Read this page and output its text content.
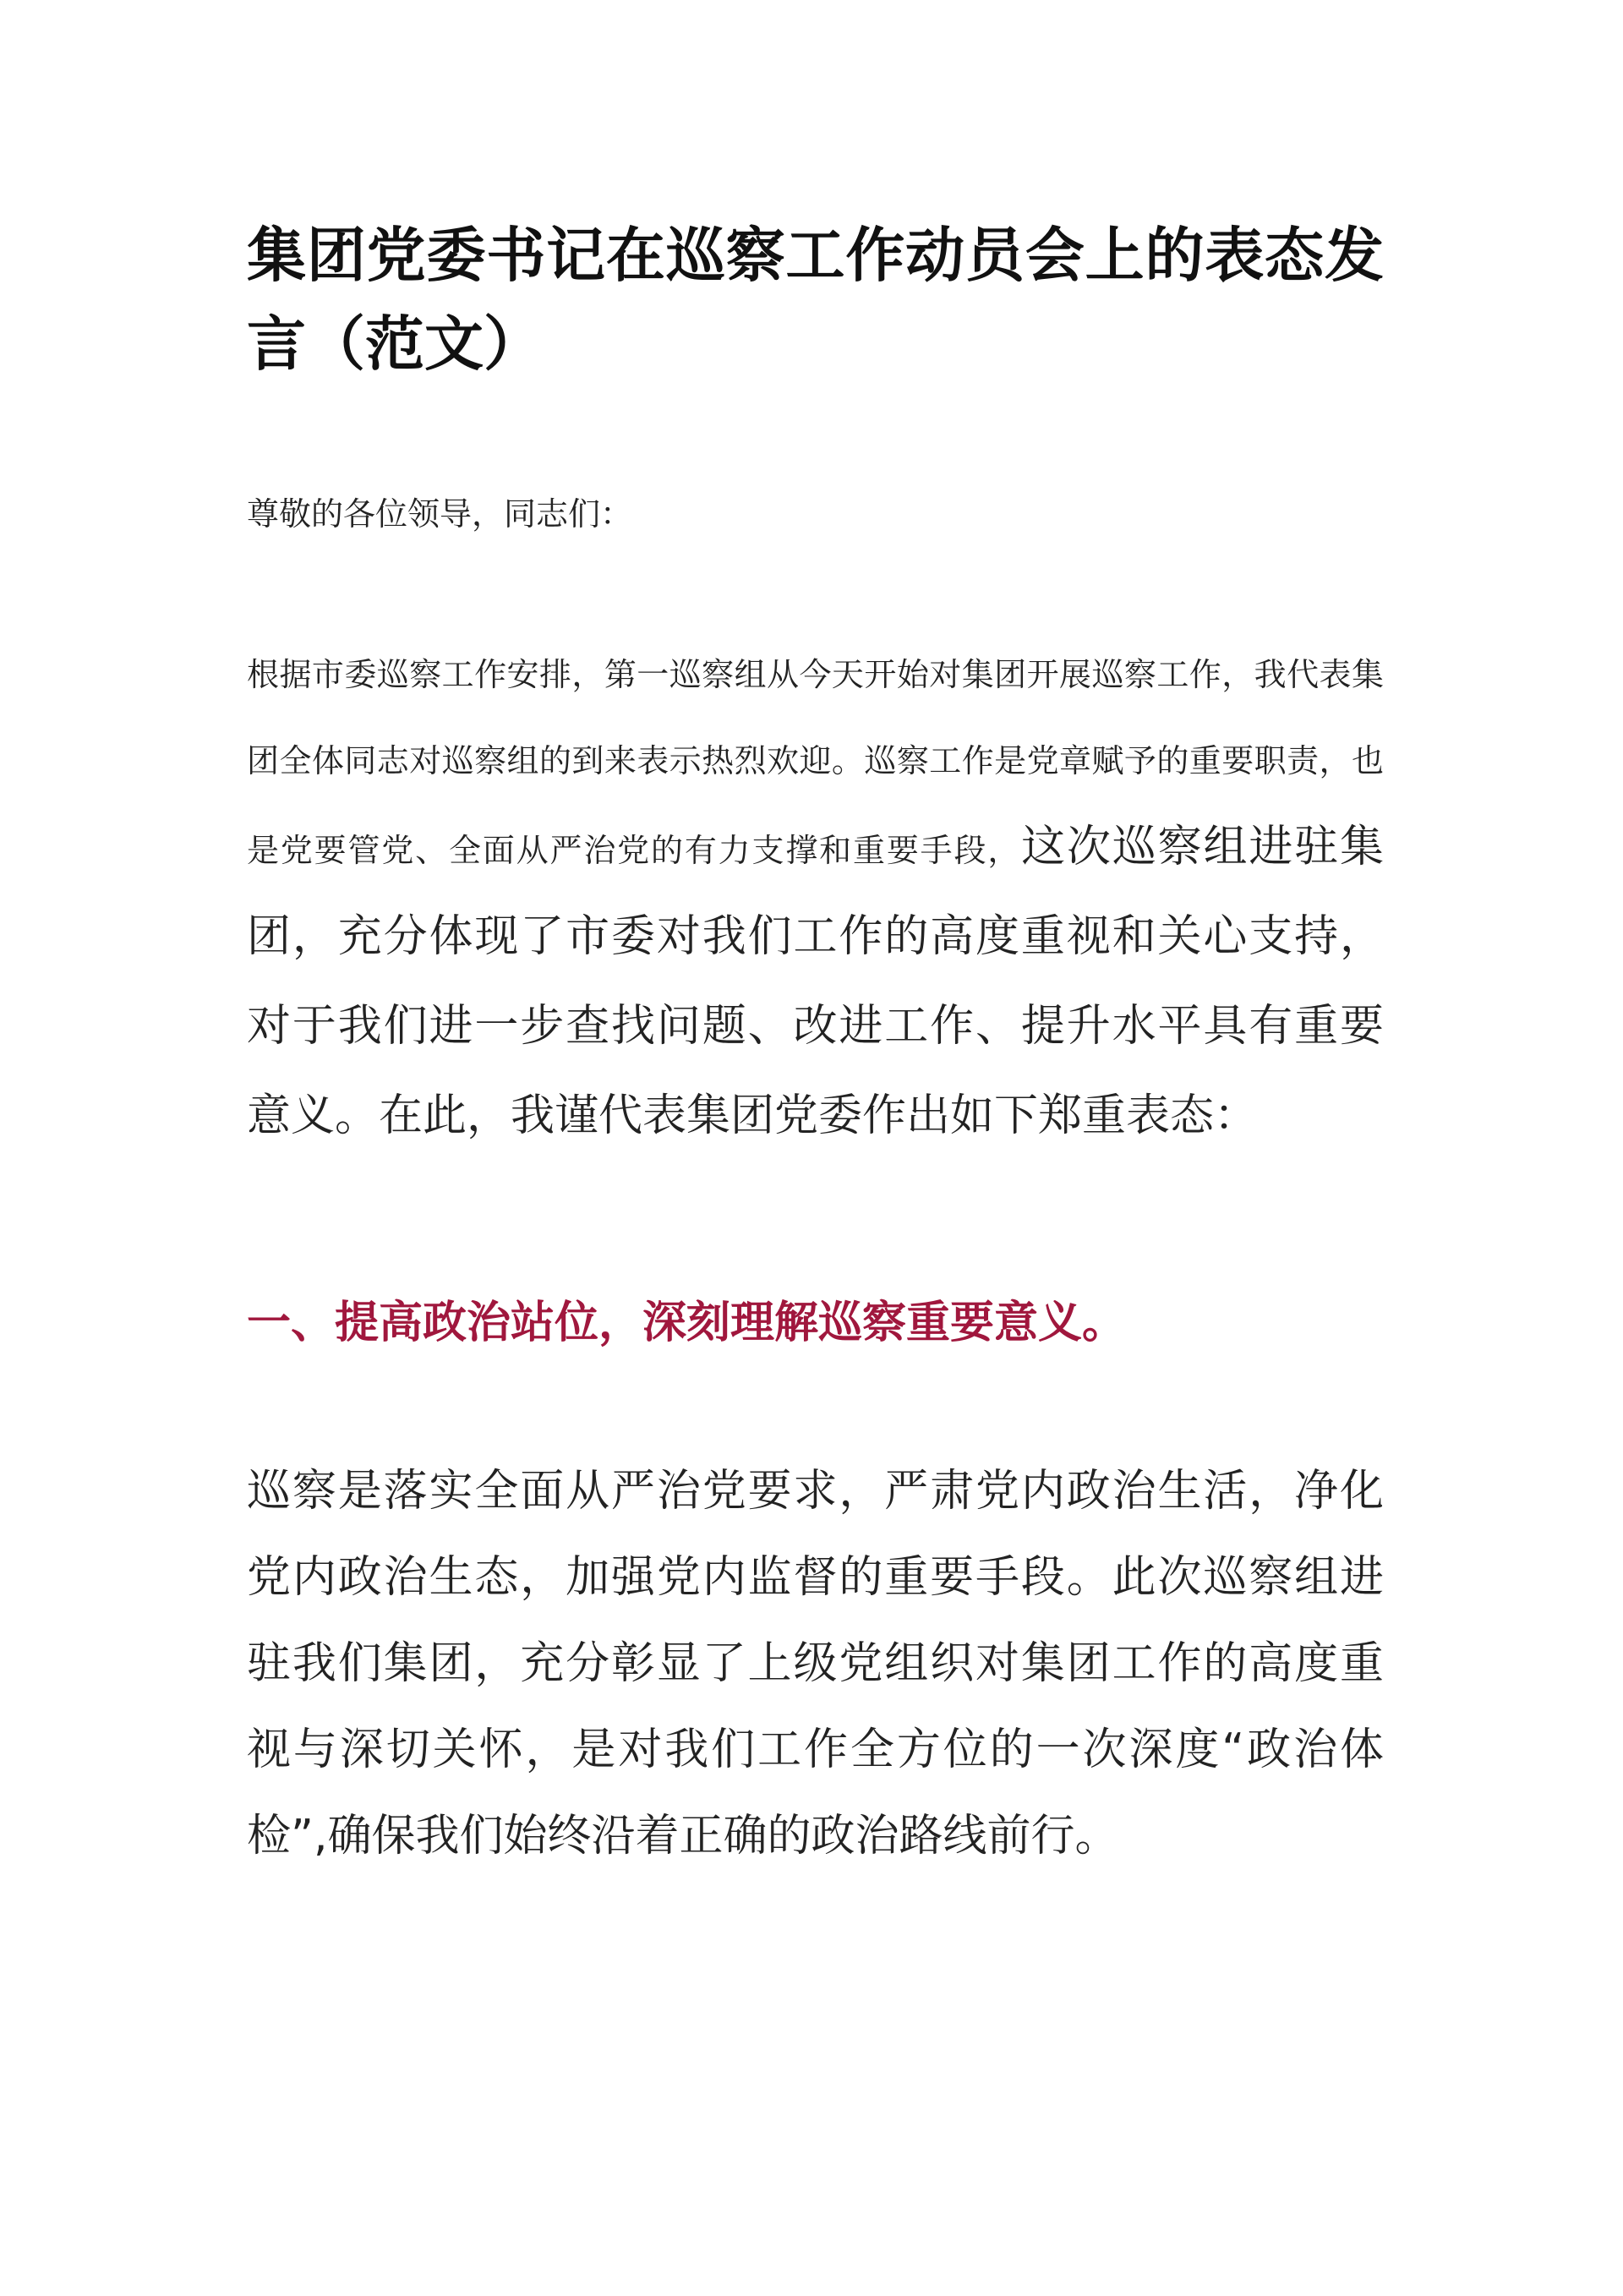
集团党委书记在巡察工作动员会上的表态发言（范文）

尊敬的各位领导，同志们：

根据市委巡察工作安排，第一巡察组从今天开始对集团开展巡察工作，我代表集团全体同志对巡察组的到来表示热烈欢迎。巡察工作是党章赋予的重要职责，也是党要管党、全面从严治党的有力支撑和重要手段，这次巡察组进驻集团，充分体现了市委对我们工作的高度重视和关心支持，对于我们进一步查找问题、改进工作、提升水平具有重要意义。在此，我谨代表集团党委作出如下郑重表态：

一、提高政治站位，深刻理解巡察重要意义。

巡察是落实全面从严治党要求，严肃党内政治生活，净化党内政治生态，加强党内监督的重要手段。此次巡察组进驻我们集团，充分彰显了上级党组织对集团工作的高度重视与深切关怀，是对我们工作全方位的一次深度“政治体检”,确保我们始终沿着正确的政治路线前行。
